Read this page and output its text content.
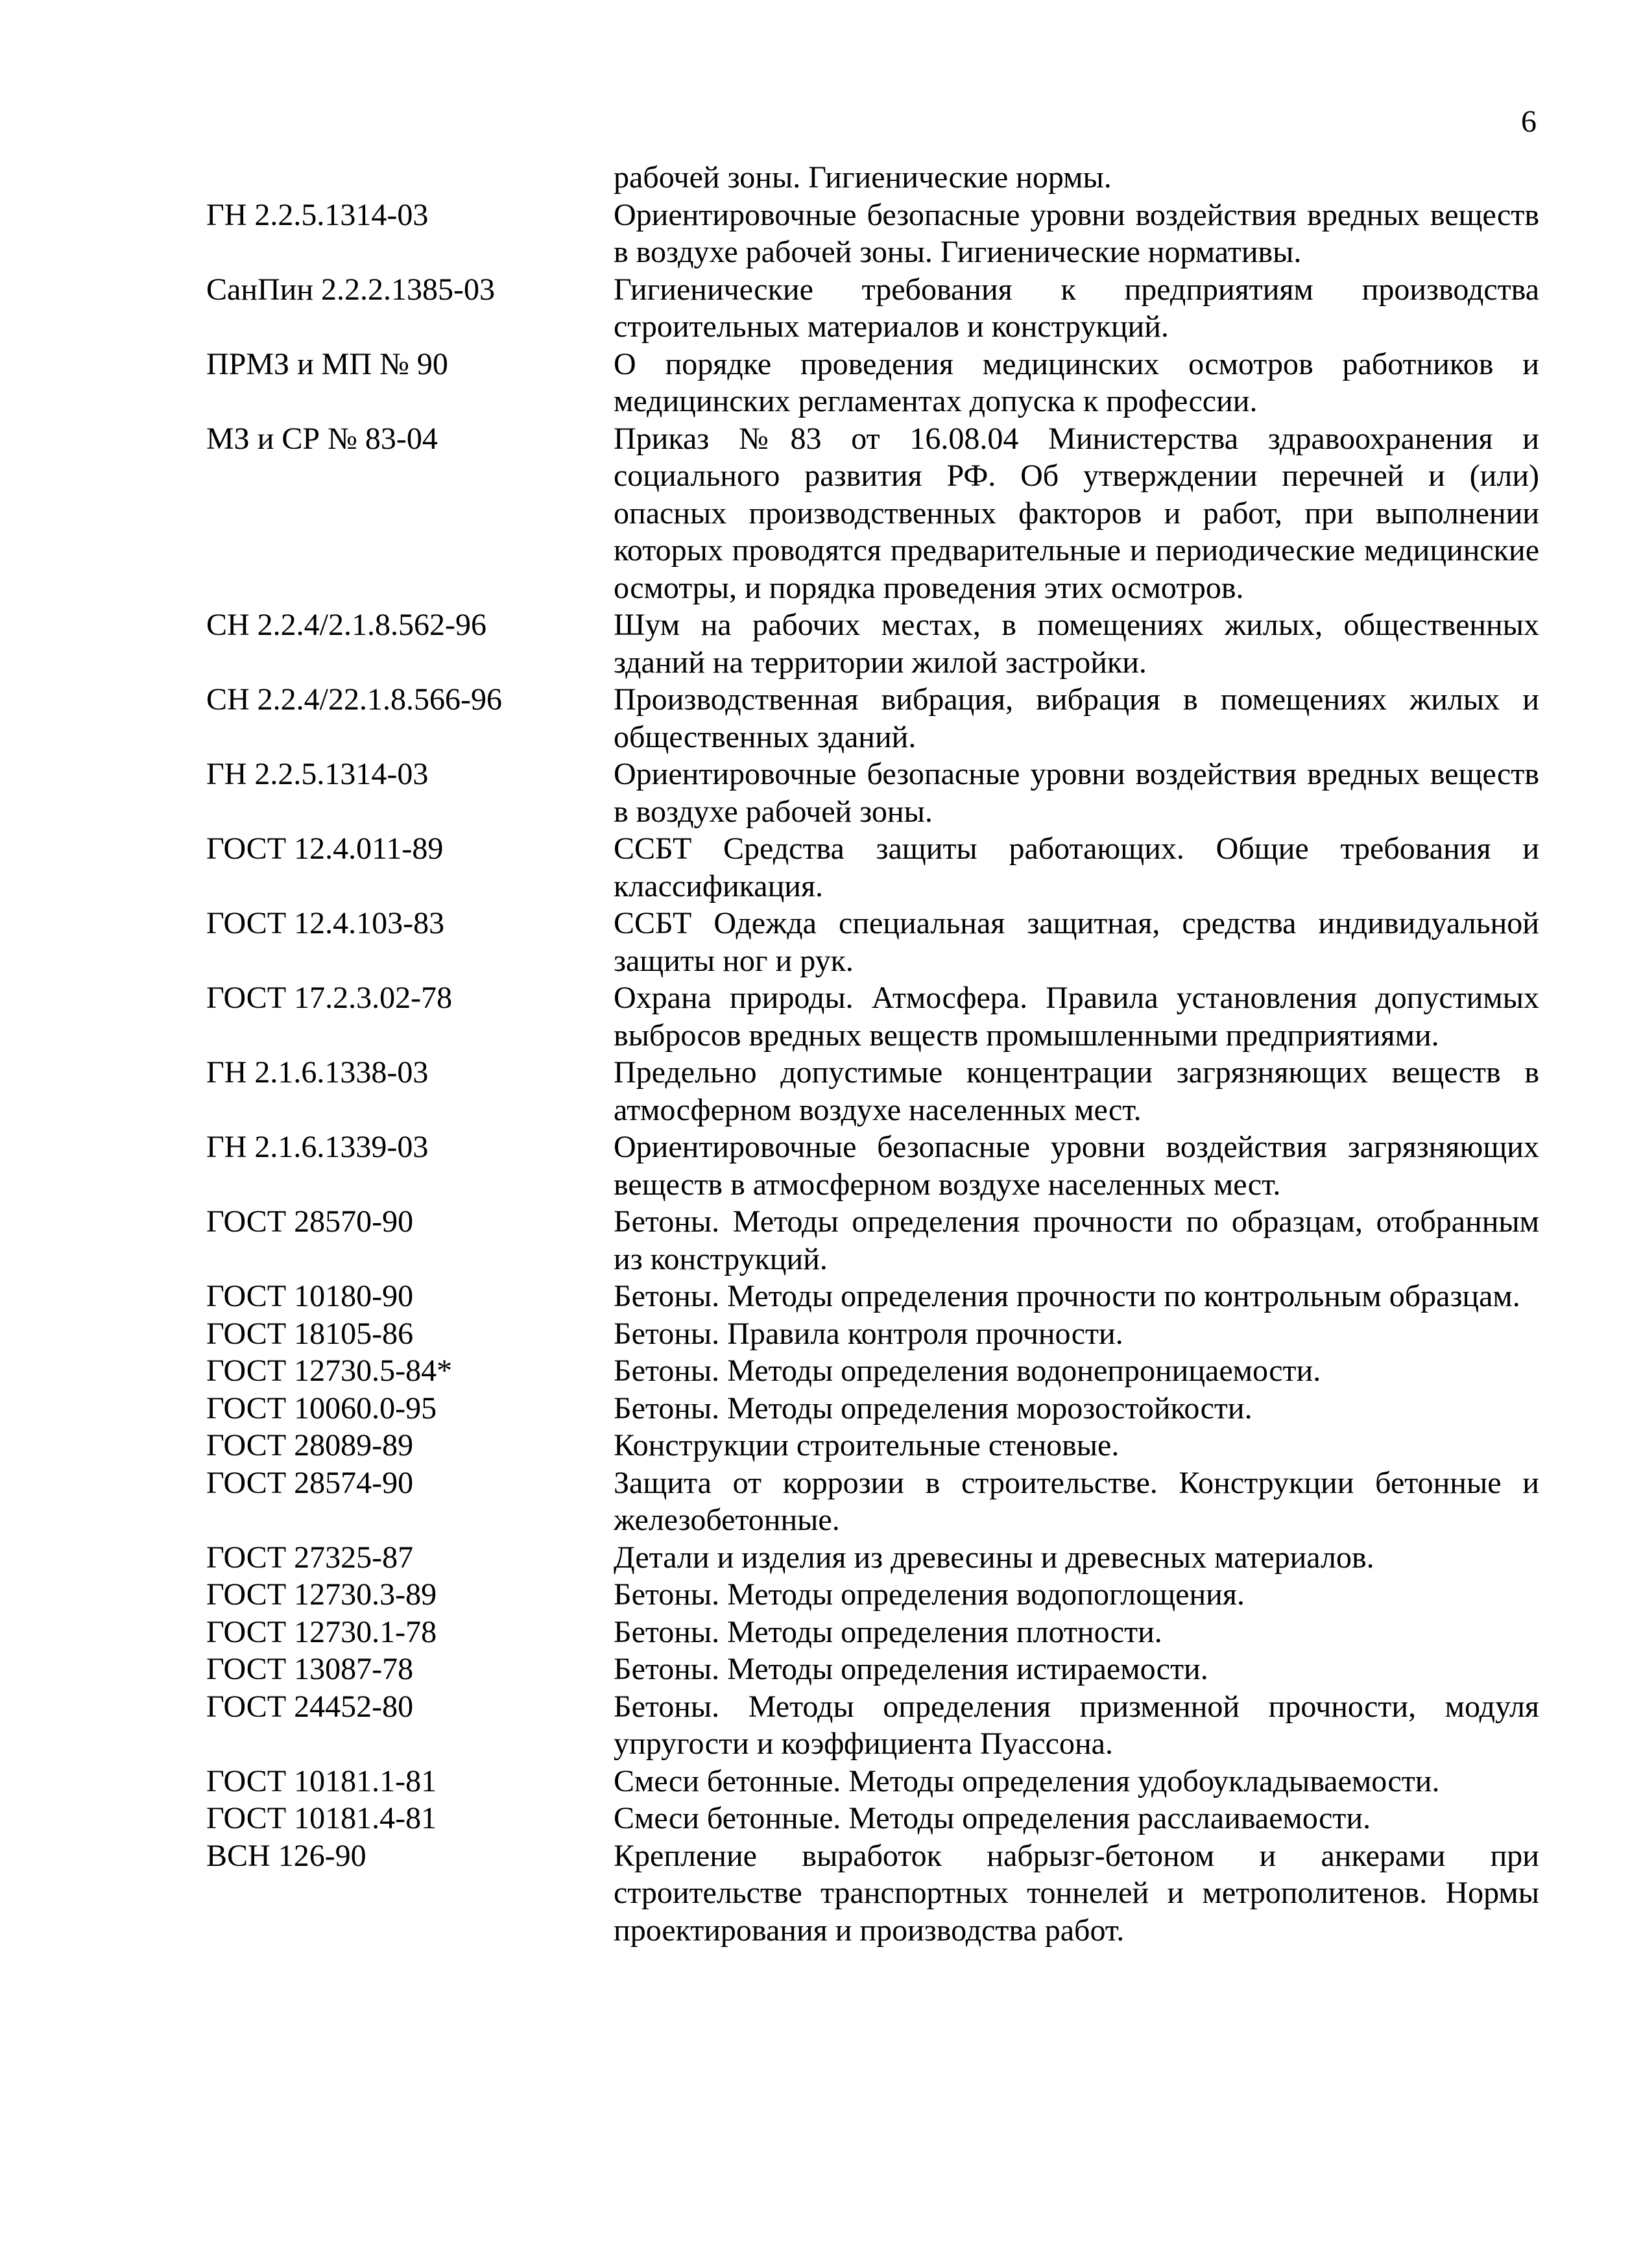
6
рабочей зоны. Гигиенические нормы.
ГН 2.2.5.1314-03	Ориентировочные безопасные уровни воздействия вредных веществ в воздухе рабочей зоны. Гигиенические нормативы.
СанПин 2.2.2.1385-03	Гигиенические требования к предприятиям производства строительных материалов и конструкций.
ПРМЗ и МП № 90	О порядке проведения медицинских осмотров работников и медицинских регламентах допуска к профессии.
МЗ и СР № 83-04	Приказ №83 от 16.08.04 Министерства здравоохранения и социального развития РФ. Об утверждении перечней и (или) опасных производственных факторов и работ, при выполнении которых проводятся предварительные и периодические медицинские осмотры, и порядка проведения этих осмотров.
СН 2.2.4/2.1.8.562-96	Шум на рабочих местах, в помещениях жилых, общественных зданий на территории жилой застройки.
СН 2.2.4/22.1.8.566-96	Производственная вибрация, вибрация в помещениях жилых и общественных зданий.
ГН 2.2.5.1314-03	Ориентировочные безопасные уровни воздействия вредных веществ в воздухе рабочей зоны.
ГОСТ 12.4.011-89	ССБТ Средства защиты работающих. Общие требования и классификация.
ГОСТ 12.4.103-83	ССБТ Одежда специальная защитная, средства индивидуальной защиты ног и рук.
ГОСТ 17.2.3.02-78	Охрана природы. Атмосфера. Правила установления допустимых выбросов вредных веществ промышленными предприятиями.
ГН 2.1.6.1338-03	Предельно допустимые концентрации загрязняющих веществ в атмосферном воздухе населенных мест.
ГН 2.1.6.1339-03	Ориентировочные безопасные уровни воздействия загрязняющих веществ в атмосферном воздухе населенных мест.
ГОСТ 28570-90	Бетоны. Методы определения прочности по образцам, отобранным из конструкций.
ГОСТ 10180-90	Бетоны. Методы определения прочности по контрольным образцам.
ГОСТ 18105-86	Бетоны. Правила контроля прочности.
ГОСТ 12730.5-84*	Бетоны. Методы определения водонепроницаемости.
ГОСТ 10060.0-95	Бетоны. Методы определения морозостойкости.
ГОСТ 28089-89	Конструкции строительные стеновые.
ГОСТ 28574-90	Защита от коррозии в строительстве. Конструкции бетонные и железобетонные.
ГОСТ 27325-87	Детали и изделия из древесины и древесных материалов.
ГОСТ 12730.3-89	Бетоны. Методы определения водопоглощения.
ГОСТ 12730.1-78	Бетоны. Методы определения плотности.
ГОСТ 13087-78	Бетоны. Методы определения истираемости.
ГОСТ 24452-80	Бетоны. Методы определения призменной прочности, модуля упругости и коэффициента Пуассона.
ГОСТ 10181.1-81	Смеси бетонные. Методы определения удобоукладываемости.
ГОСТ 10181.4-81	Смеси бетонные. Методы определения расслаиваемости.
ВСН 126-90	Крепление выработок набрызг-бетоном и анкерами при строительстве транспортных тоннелей и метрополитенов. Нормы проектирования и производства работ.
